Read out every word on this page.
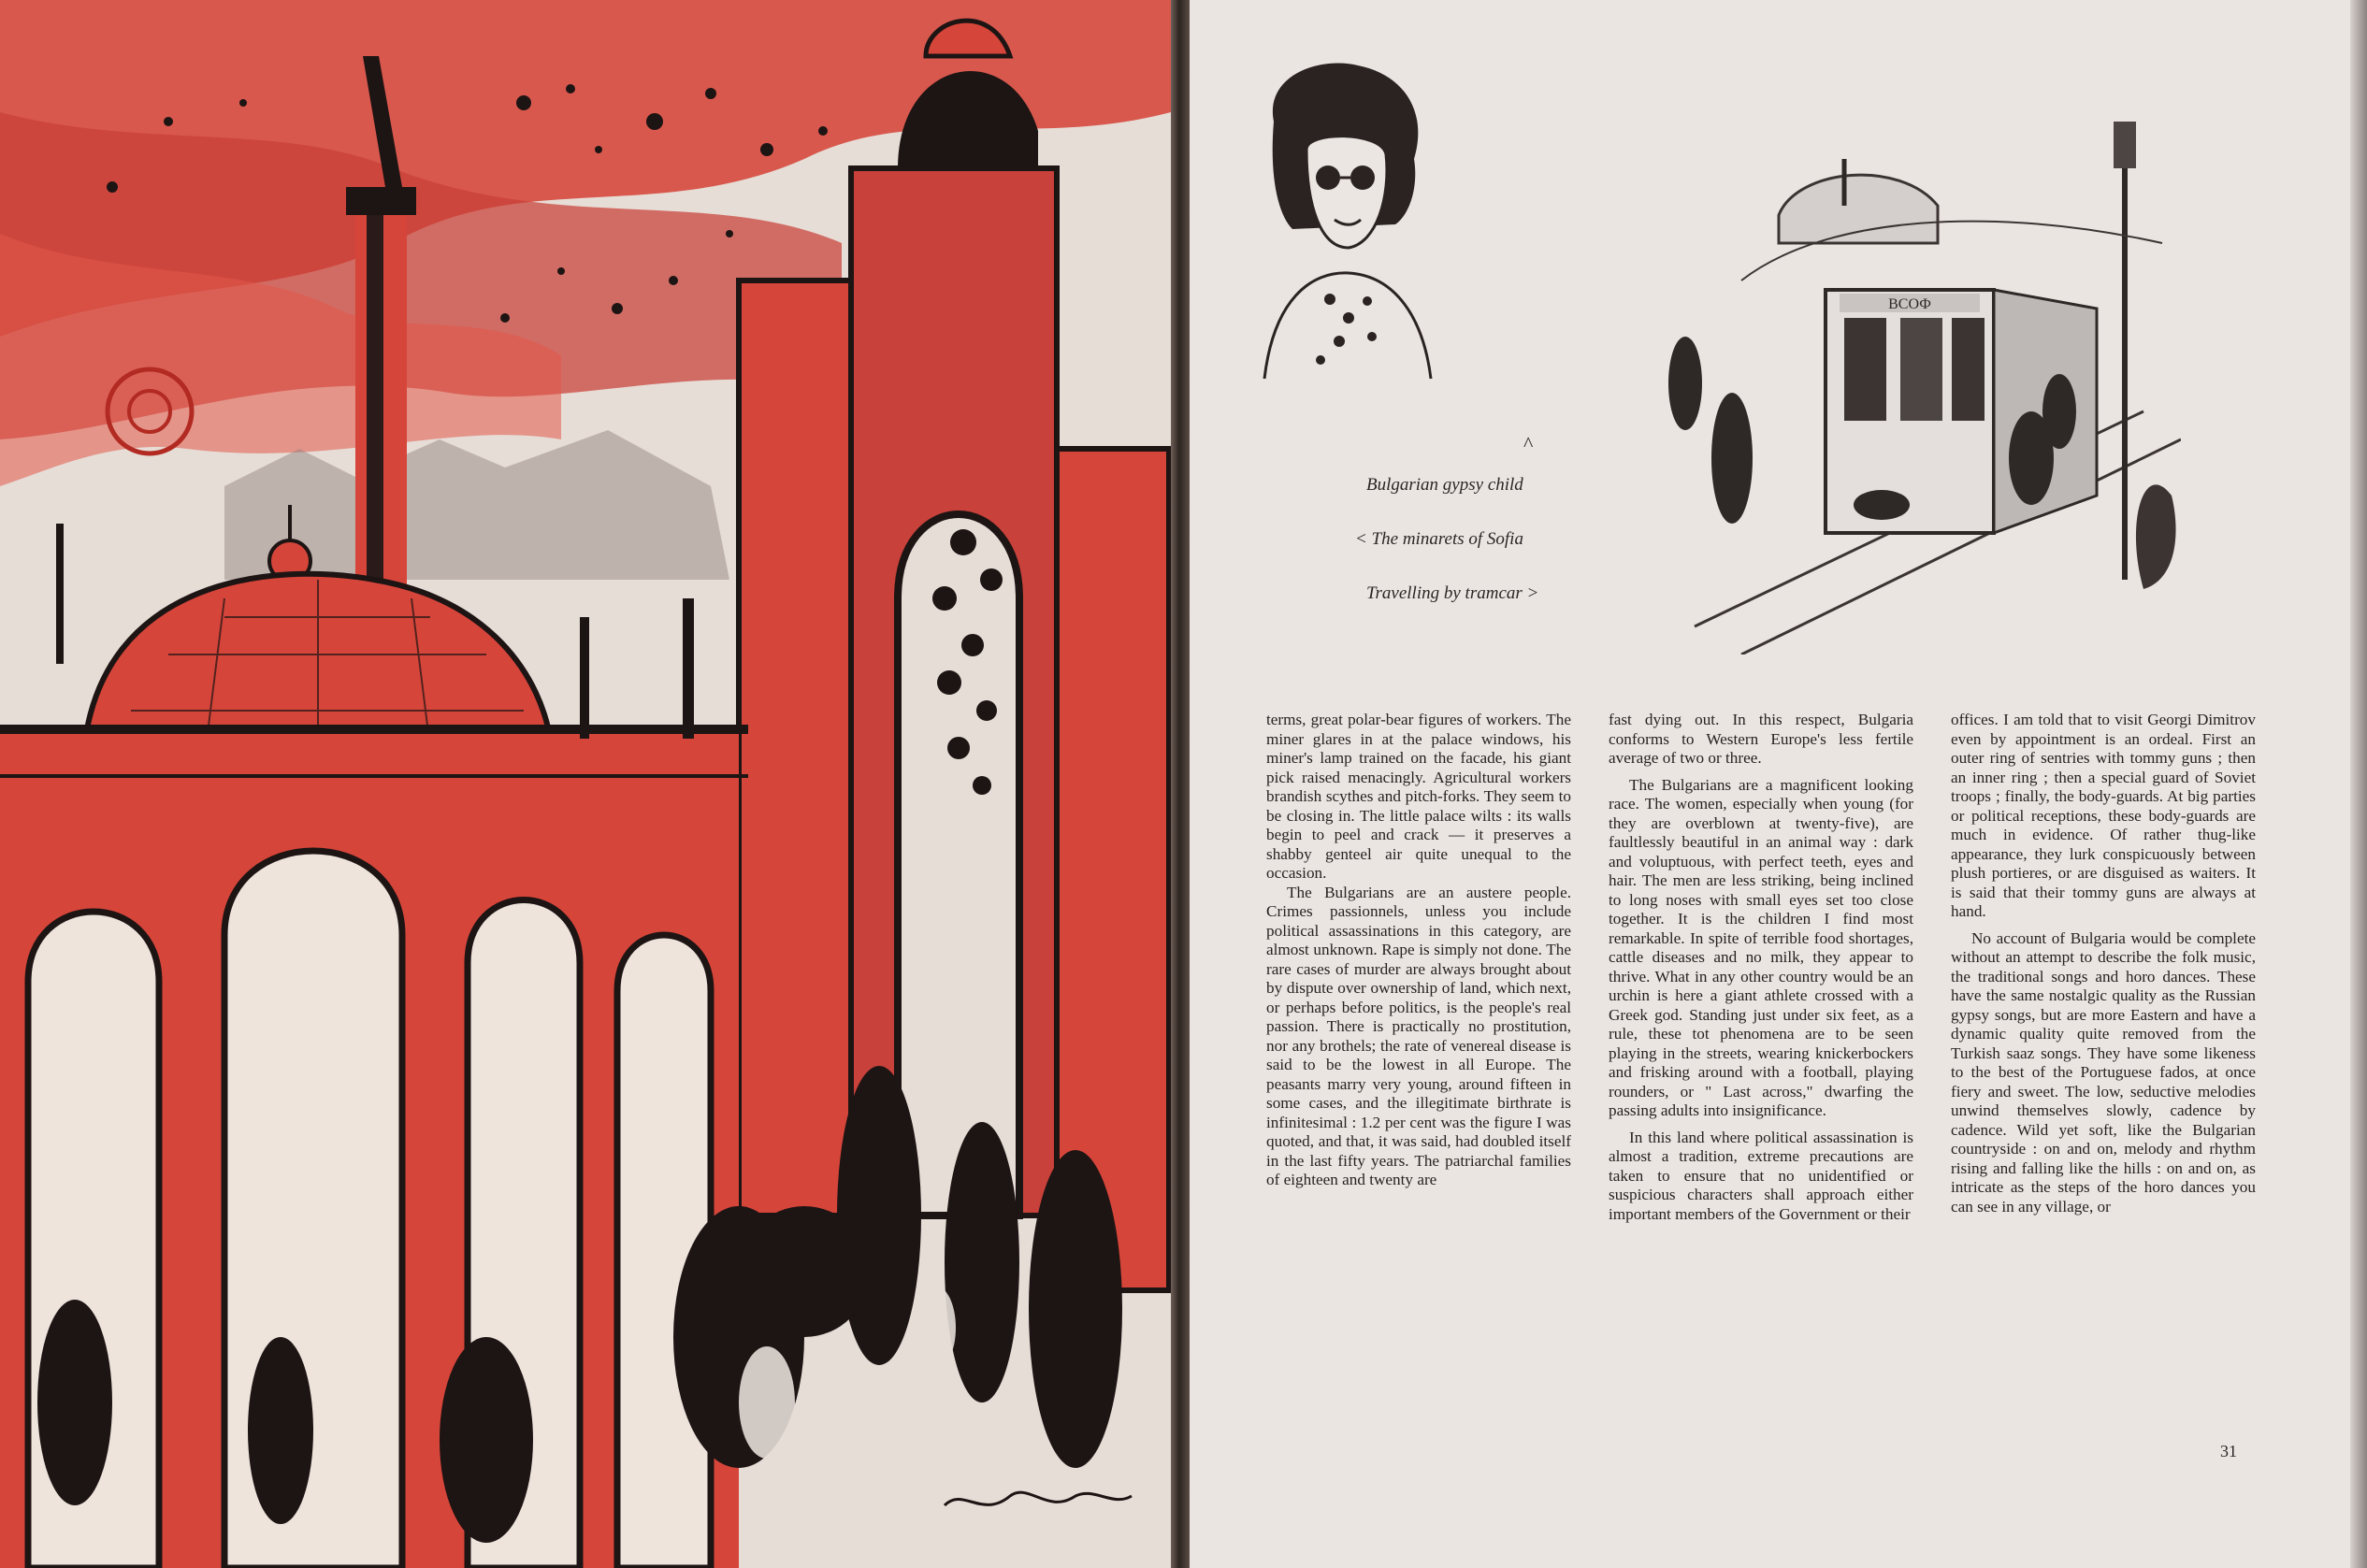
ВСОФ
^
Bulgarian gypsy child
< The minarets of Sofia
Travelling by tramcar >

terms, great polar-bear figures of workers. The miner glares in at the palace windows, his miner's lamp trained on the facade, his giant pick raised menacingly. Agricultural workers brandish scythes and pitch-forks. They seem to be closing in. The little palace wilts : its walls begin to peel and crack — it preserves a shabby genteel air quite unequal to the occasion.

The Bulgarians are an austere people. Crimes passionnels, unless you include political assassinations in this category, are almost unknown. Rape is simply not done. The rare cases of murder are always brought about by dispute over ownership of land, which next, or perhaps before politics, is the people's real passion. There is practically no prostitution, nor any brothels; the rate of venereal disease is said to be the lowest in all Europe. The peasants marry very young, around fifteen in some cases, and the illegitimate birthrate is infinitesimal : 1.2 per cent was the figure I was quoted, and that, it was said, had doubled itself in the last fifty years. The patriarchal families of eighteen and twenty are

fast dying out. In this respect, Bulgaria conforms to Western Europe's less fertile average of two or three.

The Bulgarians are a magnificent looking race. The women, especially when young (for they are overblown at twenty-five), are faultlessly beautiful in an animal way : dark and voluptuous, with perfect teeth, eyes and hair. The men are less striking, being inclined to long noses with small eyes set too close together. It is the children I find most remarkable. In spite of terrible food shortages, cattle diseases and no milk, they appear to thrive. What in any other country would be an urchin is here a giant athlete crossed with a Greek god. Standing just under six feet, as a rule, these tot phenomena are to be seen playing in the streets, wearing knickerbockers and frisking around with a football, playing rounders, or " Last across," dwarfing the passing adults into insignificance.

In this land where political assassination is almost a tradition, extreme precautions are taken to ensure that no unidentified or suspicious characters shall approach either important members of the Government or their

offices. I am told that to visit Georgi Dimitrov even by appointment is an ordeal. First an outer ring of sentries with tommy guns ; then an inner ring ; then a special guard of Soviet troops ; finally, the body-guards. At big parties or political receptions, these body-guards are much in evidence. Of rather thug-like appearance, they lurk conspicuously between plush portieres, or are disguised as waiters. It is said that their tommy guns are always at hand.

No account of Bulgaria would be complete without an attempt to describe the folk music, the traditional songs and horo dances. These have the same nostalgic quality as the Russian gypsy songs, but are more Eastern and have a dynamic quality quite removed from the Turkish saaz songs. They have some likeness to the best of the Portuguese fados, at once fiery and sweet. The low, seductive melodies unwind themselves slowly, cadence by cadence. Wild yet soft, like the Bulgarian countryside : on and on, melody and rhythm rising and falling like the hills : on and on, as intricate as the steps of the horo dances you can see in any village, or

31
